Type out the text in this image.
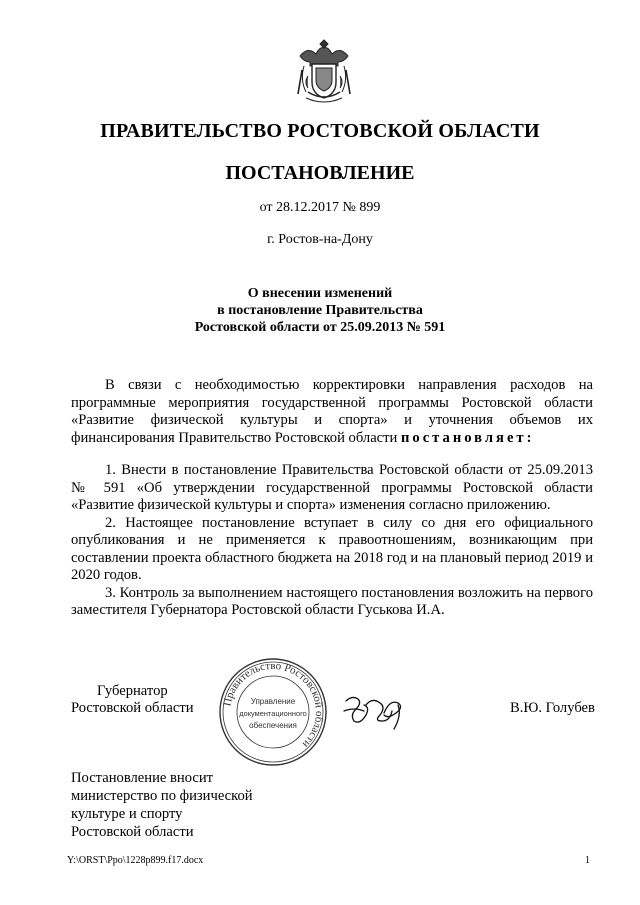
ПРАВИТЕЛЬСТВО РОСТОВСКОЙ ОБЛАСТИ
ПОСТАНОВЛЕНИЕ
от 28.12.2017 № 899
г. Ростов-на-Дону
О внесении изменений
в постановление Правительства
Ростовской области от 25.09.2013 № 591

В связи с необходимостью корректировки направления расходов на программные мероприятия государственной программы Ростовской области «Развитие физической культуры и спорта» и уточнения объемов их финансирования Правительство Ростовской области постановляет:

1. Внести в постановление Правительства Ростовской области от 25.09.2013 № 591 «Об утверждении государственной программы Ростовской области «Развитие физической культуры и спорта» изменения согласно приложению.

2. Настоящее постановление вступает в силу со дня его официального опубликования и не применяется к правоотношениям, возникающим при составлении проекта областного бюджета на 2018 год и на плановый период 2019 и 2020 годов.

3. Контроль за выполнением настоящего постановления возложить на первого заместителя Губернатора Ростовской области Гуськова И.А.

Губернатор
Ростовской области	Правительство Ростовской области
Управление
документационного
обеспечения
В.Ю. Голубев
Постановление вносит
министерство по физической
культуре и спорту
Ростовской области
Y:\ORST\Ppo\1228p899.f17.docx	1
